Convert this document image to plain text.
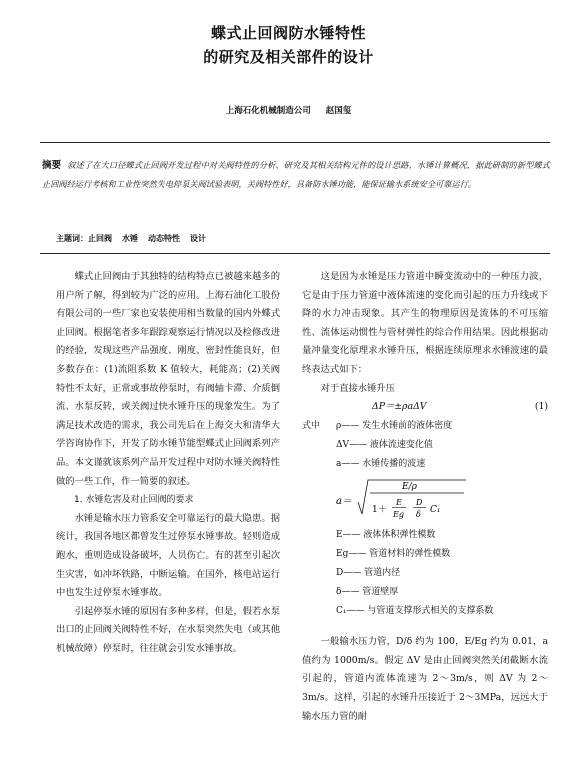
蝶式止回阀防水锤特性
的研究及相关部件的设计
上海石化机械制造公司 赵国玺
摘要 叙述了在大口径蝶式止回阀开发过程中对关阀特性的分析、研究及其相关结构元件的设计思路、水锤计算概况，据此研制的新型蝶式止回阀经运行考核和工业性突然失电停泵关阀试验表明，关阀特性好，具备防水锤功能，能保证输水系统安全可靠运行。
主题词：止回阀 水锤 动态特性 设计

蝶式止回阀由于其独特的结构特点已被越来越多的用户所了解，得到较为广泛的应用。上海石油化工股份有限公司的一些厂家也安装使用相当数量的国内外蝶式止回阀。根据笔者多年跟踪观察运行情况以及检修改进的经验，发现这些产品强度、刚度、密封性能良好，但多数存在：(1)流阻系数 K 值较大，耗能高；(2)关阀特性不太好，正常或事故停泵时，有阀轴卡滞、介质倒流、水泵反转，或关阀过快水锤升压的现象发生。为了满足技术改造的需求，我公司先后在上海交大和清华大学咨询协作下，开发了防水锤节能型蝶式止回阀系列产品。本文谨就该系列产品开发过程中对防水锤关阀特性做的一些工作，作一简要的叙述。

1. 水锤危害及对止回阀的要求

水锤是输水压力管系安全可靠运行的最大隐患。据统计，我国各地区都曾发生过停泵水锤事故。轻则造成跑水，重则造成设备破坏，人员伤亡。有的甚至引起次生灾害，如冲坏铁路，中断运输。在国外，核电站运行中也发生过停泵水锤事故。

引起停泵水锤的原因有多种多样，但是，假若水泵出口的止回阀关阀特性不好，在水泵突然失电（或其他机械故障）停泵时，往往就会引发水锤事故。

这是因为水锤是压力管道中瞬变流动中的一种压力波，它是由于压力管道中液体流速的变化而引起的压力升线或下降的水力冲击现象。其产生的物理原因是流体的不可压缩性、流体运动惯性与管材弹性的综合作用结果。因此根据动量冲量变化原理求水锤升压，根据连续原理求水锤波速的最终表达式如下：

对于直接水锤升压

ΔP＝±ρaΔV	(1)
式中 ρ—— 发生水锤前的液体密度
ΔV—— 液体流速变化值
a—— 水锤传播的波速
a＝
E/ρ
1＋
E
Eg
D
δ C₁
E—— 液体体积弹性模数
Eg—— 管道材料的弹性模数
D—— 管道内径
δ—— 管道壁厚
C₁—— 与管道支撑形式相关的支撑系数

一般输水压力管，D/δ 约为 100，E/Eg 约为 0.01，a 值约为 1000m/s。假定 ΔV 是由止回阀突然关闭截断水流引起的，管道内流体流速为 2～3m/s，则 ΔV 为 2～3m/s。这样，引起的水锤升压接近于 2～3MPa，远远大于输水压力管的耐
